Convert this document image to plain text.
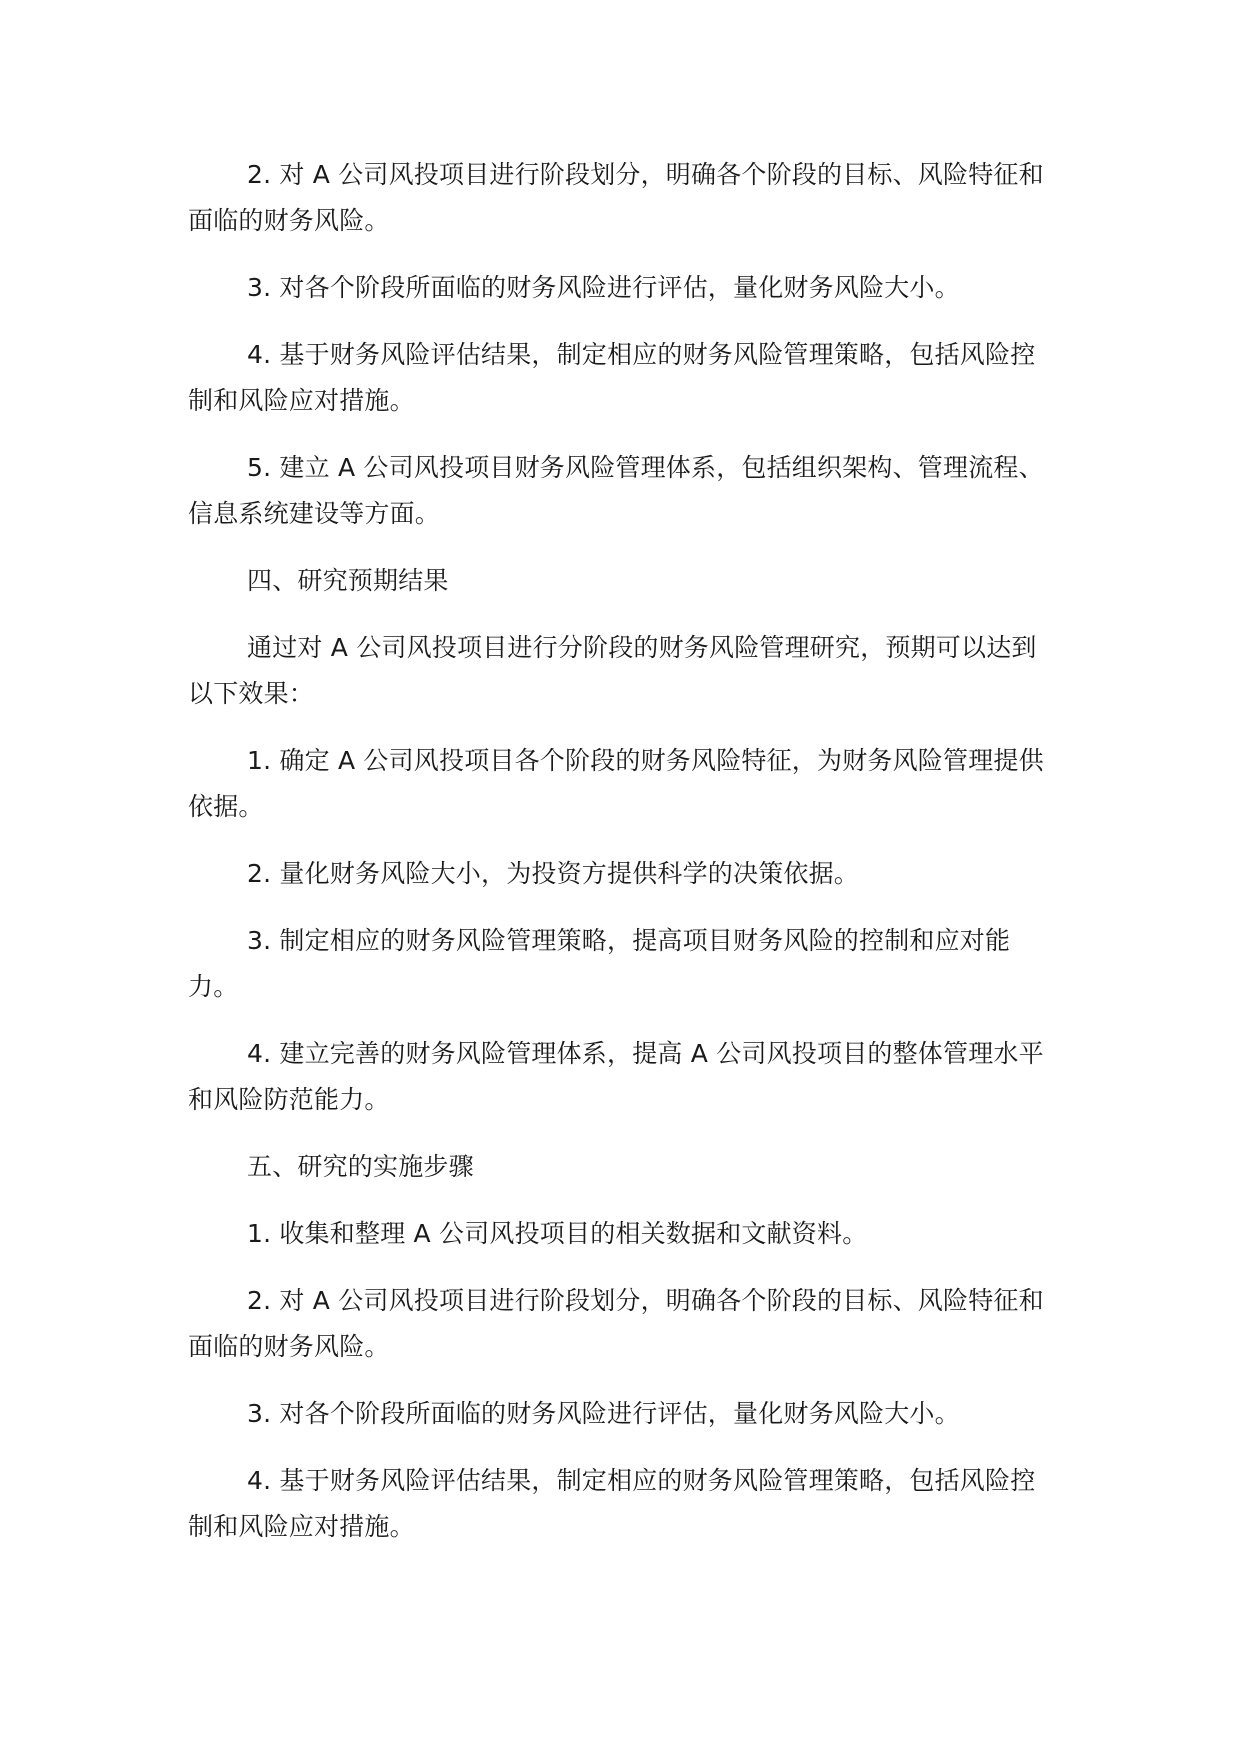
2. 对 A 公司风投项目进行阶段划分，明确各个阶段的目标、风险特征和面临的财务风险。

3. 对各个阶段所面临的财务风险进行评估，量化财务风险大小。

4. 基于财务风险评估结果，制定相应的财务风险管理策略，包括风险控制和风险应对措施。

5. 建立 A 公司风投项目财务风险管理体系，包括组织架构、管理流程、信息系统建设等方面。

四、研究预期结果

通过对 A 公司风投项目进行分阶段的财务风险管理研究，预期可以达到以下效果：

1. 确定 A 公司风投项目各个阶段的财务风险特征，为财务风险管理提供依据。

2. 量化财务风险大小，为投资方提供科学的决策依据。

3. 制定相应的财务风险管理策略，提高项目财务风险的控制和应对能力。

4. 建立完善的财务风险管理体系，提高 A 公司风投项目的整体管理水平和风险防范能力。

五、研究的实施步骤

1. 收集和整理 A 公司风投项目的相关数据和文献资料。

2. 对 A 公司风投项目进行阶段划分，明确各个阶段的目标、风险特征和面临的财务风险。

3. 对各个阶段所面临的财务风险进行评估，量化财务风险大小。

4. 基于财务风险评估结果，制定相应的财务风险管理策略，包括风险控制和风险应对措施。
